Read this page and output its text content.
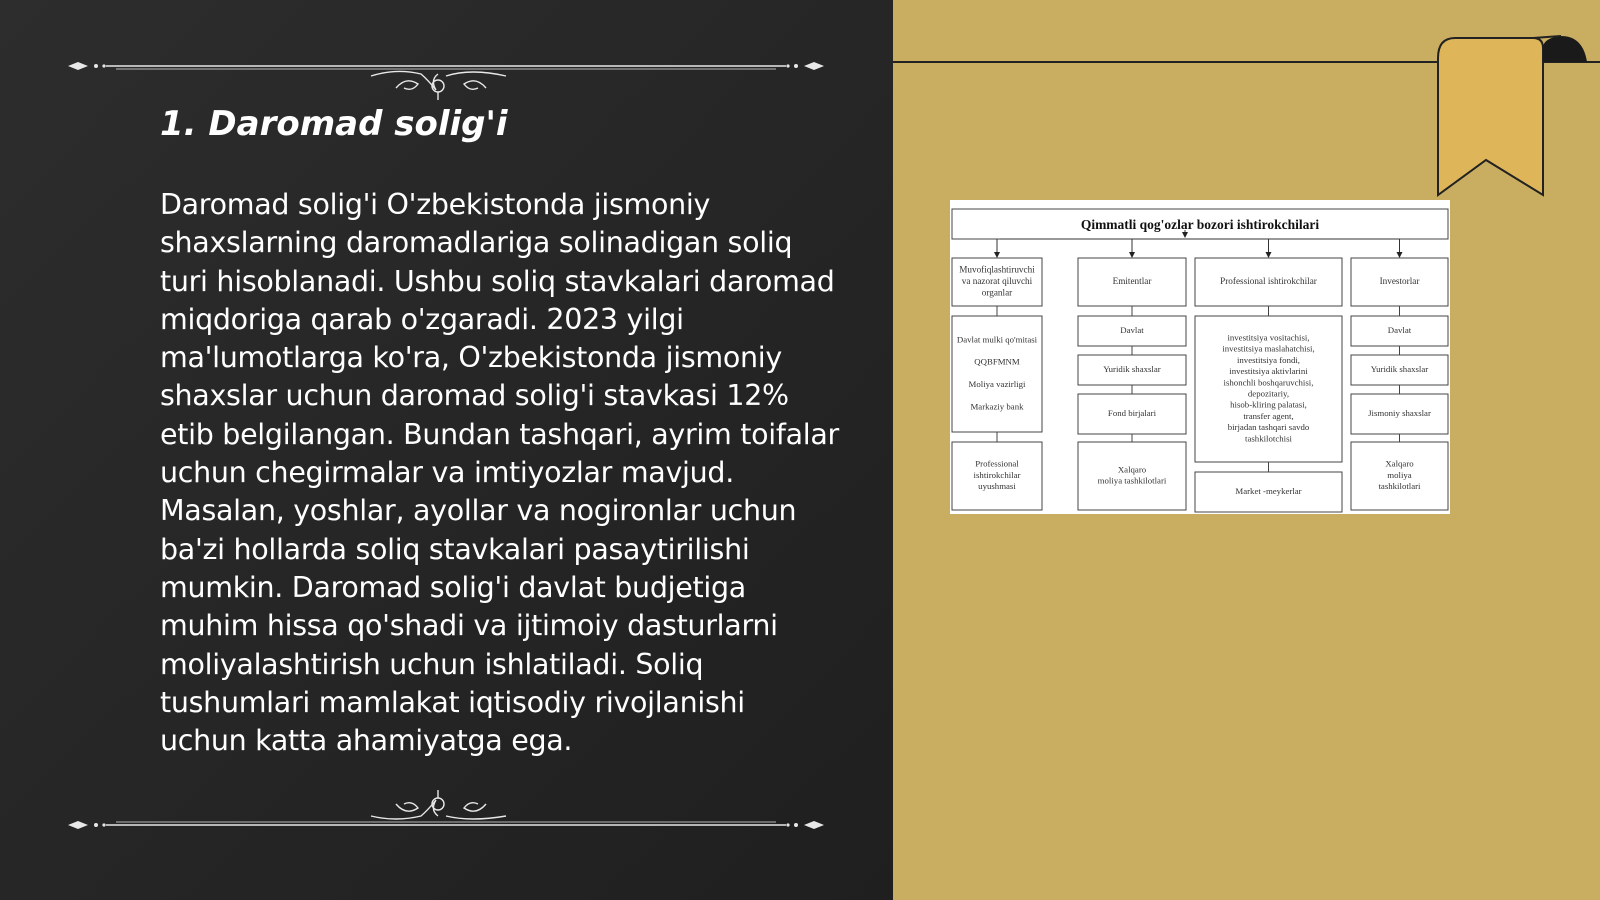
1. Daromad solig'i

Daromad solig'i O'zbekistonda jismoniy shaxslarning daromadlariga solinadigan soliq turi hisoblanadi. Ushbu soliq stavkalari daromad miqdoriga qarab o'zgaradi. 2023 yilgi ma'lumotlarga ko'ra, O'zbekistonda jismoniy shaxslar uchun daromad solig'i stavkasi 12% etib belgilangan. Bundan tashqari, ayrim toifalar uchun chegirmalar va imtiyozlar mavjud. Masalan, yoshlar, ayollar va nogironlar uchun ba'zi hollarda soliq stavkalari pasaytirilishi mumkin. Daromad solig'i davlat budjetiga muhim hissa qo'shadi va ijtimoiy dasturlarni moliyalashtirish uchun ishlatiladi. Soliq tushumlari mamlakat iqtisodiy rivojlanishi uchun katta ahamiyatga ega.

Qimmatli qog'ozlar bozori ishtirokchilari
Muvofiqlashtiruvchi
va nazorat qiluvchi
organlar
Davlat mulki qo'mitasi
QQBFMNM
Moliya vazirligi
Markaziy bank
Professional
ishtirokchilar
uyushmasi
Emitentlar
Davlat
Yuridik shaxslar
Fond birjalari
Xalqaro
moliya tashkilotlari
Professional ishtirokchilar
investitsiya vositachisi,
investitsiya maslahatchisi,
investitsiya fondi,
investitsiya aktivlarini
ishonchli boshqaruvchisi,
depozitariy,
hisob-kliring palatasi,
transfer agent,
birjadan tashqari savdo
tashkilotchisi
Market -meykerlar
Investorlar
Davlat
Yuridik shaxslar
Jismoniy shaxslar
Xalqaro
moliya
tashkilotlari
